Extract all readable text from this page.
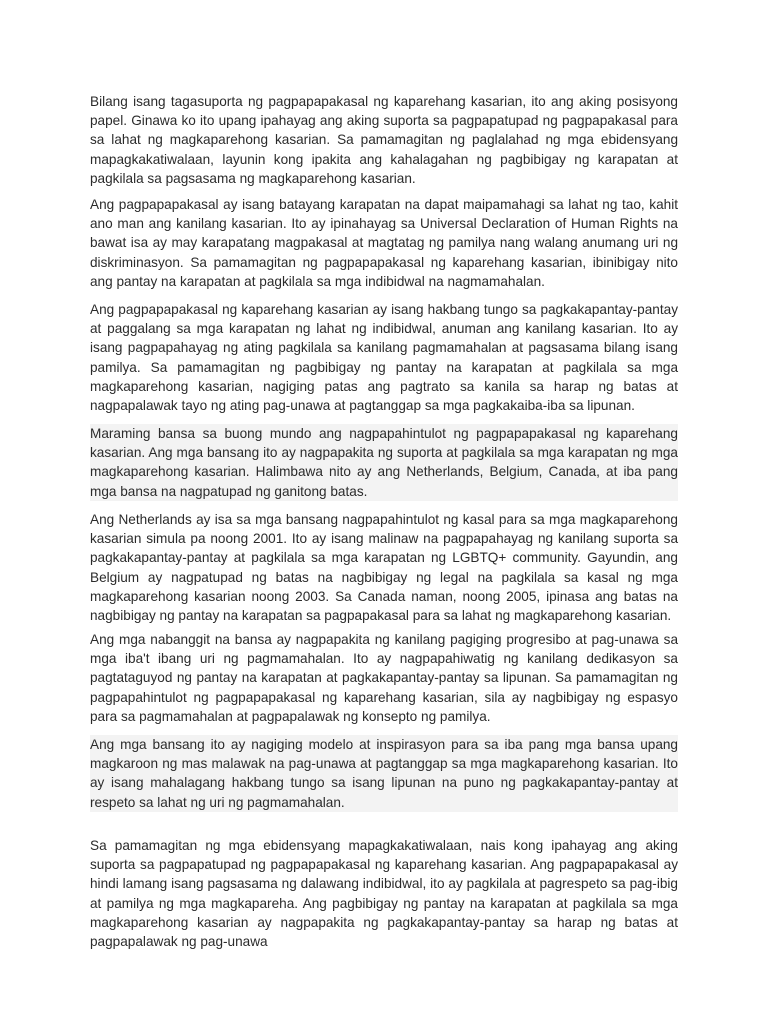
Bilang isang tagasuporta ng pagpapapakasal ng kaparehang kasarian, ito ang aking posisyong papel. Ginawa ko ito upang ipahayag ang aking suporta sa pagpapatupad ng pagpapakasal para sa lahat ng magkaparehong kasarian. Sa pamamagitan ng paglalahad ng mga ebidensyang mapagkakatiwalaan, layunin kong ipakita ang kahalagahan ng pagbibigay ng karapatan at pagkilala sa pagsasama ng magkaparehong kasarian.

Ang pagpapapakasal ay isang batayang karapatan na dapat maipamahagi sa lahat ng tao, kahit ano man ang kanilang kasarian. Ito ay ipinahayag sa Universal Declaration of Human Rights na bawat isa ay may karapatang magpakasal at magtatag ng pamilya nang walang anumang uri ng diskriminasyon. Sa pamamagitan ng pagpapapakasal ng kaparehang kasarian, ibinibigay nito ang pantay na karapatan at pagkilala sa mga indibidwal na nagmamahalan.

Ang pagpapapakasal ng kaparehang kasarian ay isang hakbang tungo sa pagkakapantay-pantay at paggalang sa mga karapatan ng lahat ng indibidwal, anuman ang kanilang kasarian. Ito ay isang pagpapahayag ng ating pagkilala sa kanilang pagmamahalan at pagsasama bilang isang pamilya. Sa pamamagitan ng pagbibigay ng pantay na karapatan at pagkilala sa mga magkaparehong kasarian, nagiging patas ang pagtrato sa kanila sa harap ng batas at nagpapalawak tayo ng ating pag-unawa at pagtanggap sa mga pagkakaiba-iba sa lipunan.

Maraming bansa sa buong mundo ang nagpapahintulot ng pagpapapakasal ng kaparehang kasarian. Ang mga bansang ito ay nagpapakita ng suporta at pagkilala sa mga karapatan ng mga magkaparehong kasarian. Halimbawa nito ay ang Netherlands, Belgium, Canada, at iba pang mga bansa na nagpatupad ng ganitong batas.

Ang Netherlands ay isa sa mga bansang nagpapahintulot ng kasal para sa mga magkaparehong kasarian simula pa noong 2001. Ito ay isang malinaw na pagpapahayag ng kanilang suporta sa pagkakapantay-pantay at pagkilala sa mga karapatan ng LGBTQ+ community. Gayundin, ang Belgium ay nagpatupad ng batas na nagbibigay ng legal na pagkilala sa kasal ng mga magkaparehong kasarian noong 2003. Sa Canada naman, noong 2005, ipinasa ang batas na nagbibigay ng pantay na karapatan sa pagpapakasal para sa lahat ng magkaparehong kasarian.

Ang mga nabanggit na bansa ay nagpapakita ng kanilang pagiging progresibo at pag-unawa sa mga iba't ibang uri ng pagmamahalan. Ito ay nagpapahiwatig ng kanilang dedikasyon sa pagtataguyod ng pantay na karapatan at pagkakapantay-pantay sa lipunan. Sa pamamagitan ng pagpapahintulot ng pagpapapakasal ng kaparehang kasarian, sila ay nagbibigay ng espasyo para sa pagmamahalan at pagpapalawak ng konsepto ng pamilya.

Ang mga bansang ito ay nagiging modelo at inspirasyon para sa iba pang mga bansa upang magkaroon ng mas malawak na pag-unawa at pagtanggap sa mga magkaparehong kasarian. Ito ay isang mahalagang hakbang tungo sa isang lipunan na puno ng pagkakapantay-pantay at respeto sa lahat ng uri ng pagmamahalan.

Sa pamamagitan ng mga ebidensyang mapagkakatiwalaan, nais kong ipahayag ang aking suporta sa pagpapatupad ng pagpapapakasal ng kaparehang kasarian. Ang pagpapapakasal ay hindi lamang isang pagsasama ng dalawang indibidwal, ito ay pagkilala at pagrespeto sa pag-ibig at pamilya ng mga magkapareha. Ang pagbibigay ng pantay na karapatan at pagkilala sa mga magkaparehong kasarian ay nagpapakita ng pagkakapantay-pantay sa harap ng batas at pagpapalawak ng pag-unawa
